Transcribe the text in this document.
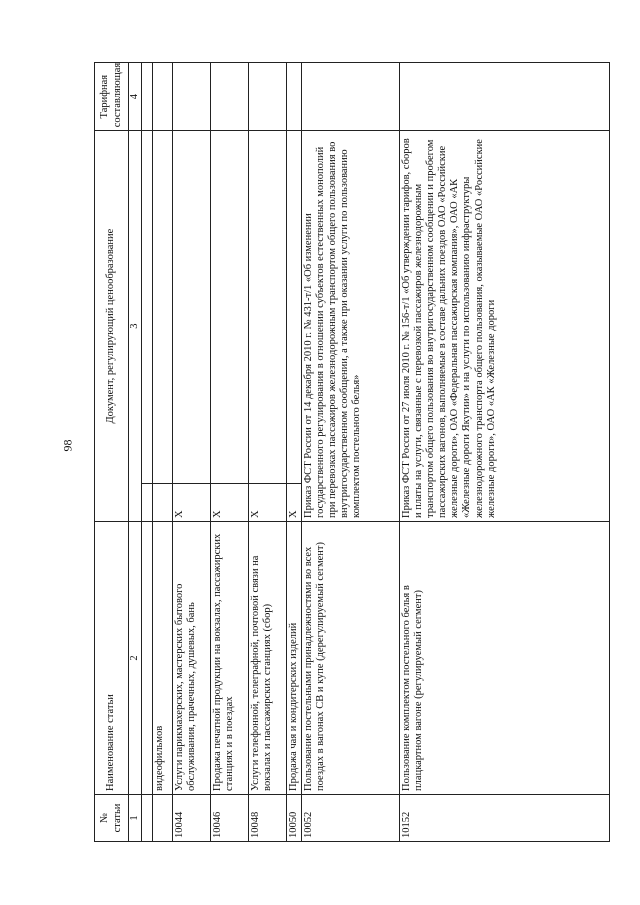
98
№ статьи	Наименование статьи	Документ, регулирующий ценообразование		Тарифная составляющая
1	2	3		4

	видеофильмов			
10044	Услуги парикмахерских, мастерских бытового обслуживания, прачечных, душевых, бань	Х		
10046	Продажа печатной продукции на вокзалах, пассажирских станциях и в поездах	Х		
10048	Услуги телефонной, телеграфной, почтовой связи на вокзалах и пассажирских станциях (сбор)	Х		
10050	Продажа чая и кондитерских изделий	Х		
10052	Пользование постельными принадлежностями во всех поездах в вагонах СВ и купе (дерегулируемый сегмент)	Приказ ФСТ России от 14 декабря 2010 г. № 431-т/1 «Об изменении государственного регулирования в отношении субъектов естественных монополий при перевозках пассажиров железнодорожным транспортом общего пользования во внутригосударственном сообщении, а также при оказании услуги по пользованию комплектом постельного белья»		
10152	Пользование комплектом постельного белья в плацкартном вагоне (регулируемый сегмент)	Приказ ФСТ России от 27 июля 2010 г. № 156-т/1 «Об утверждении тарифов, сборов и платы на услуги, связанные с перевозкой пассажиров железнодорожным транспортом общего пользования во внутригосударственном сообщении и пробегом пассажирских вагонов, выполняемые в составе дальних поездов ОАО «Российские железные дороги», ОАО «Федеральная пассажирская компания», ОАО «АК «Железные дороги Якутии» и на услуги по использованию инфраструктуры железнодорожного транспорта общего пользования, оказываемые ОАО «Российские железные дороги», ОАО «АК «Железные дороги		
